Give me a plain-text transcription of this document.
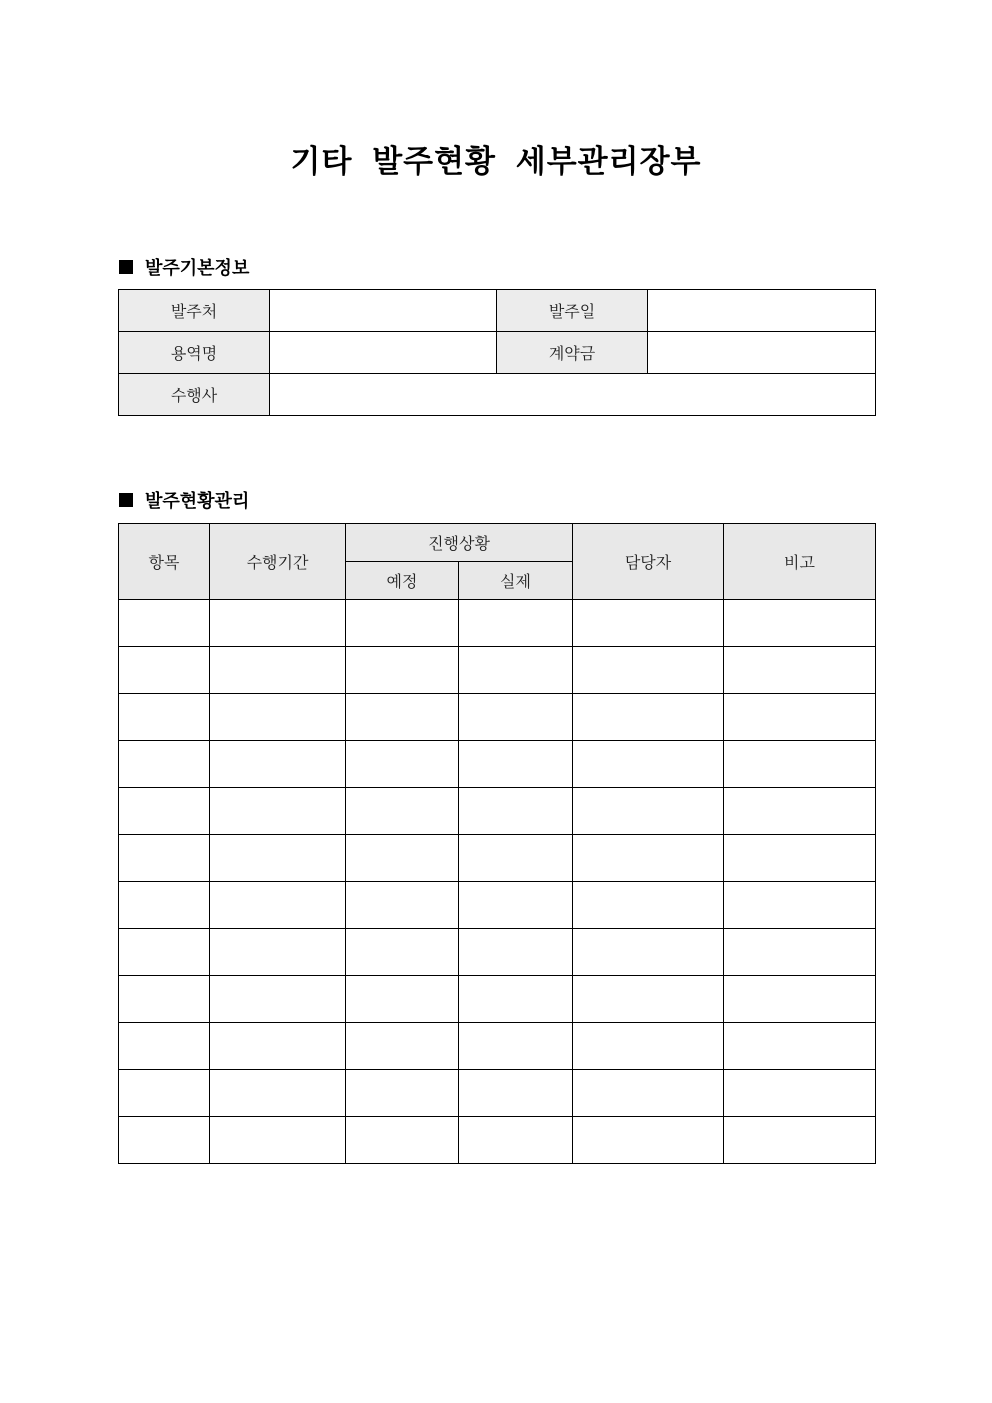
기타 발주현황 세부관리장부
발주기본정보
발주처		발주일	
용역명		계약금	
수행사			
발주현황관리
항목	수행기간	진행상황		담당자	비고
		예정	실제		
